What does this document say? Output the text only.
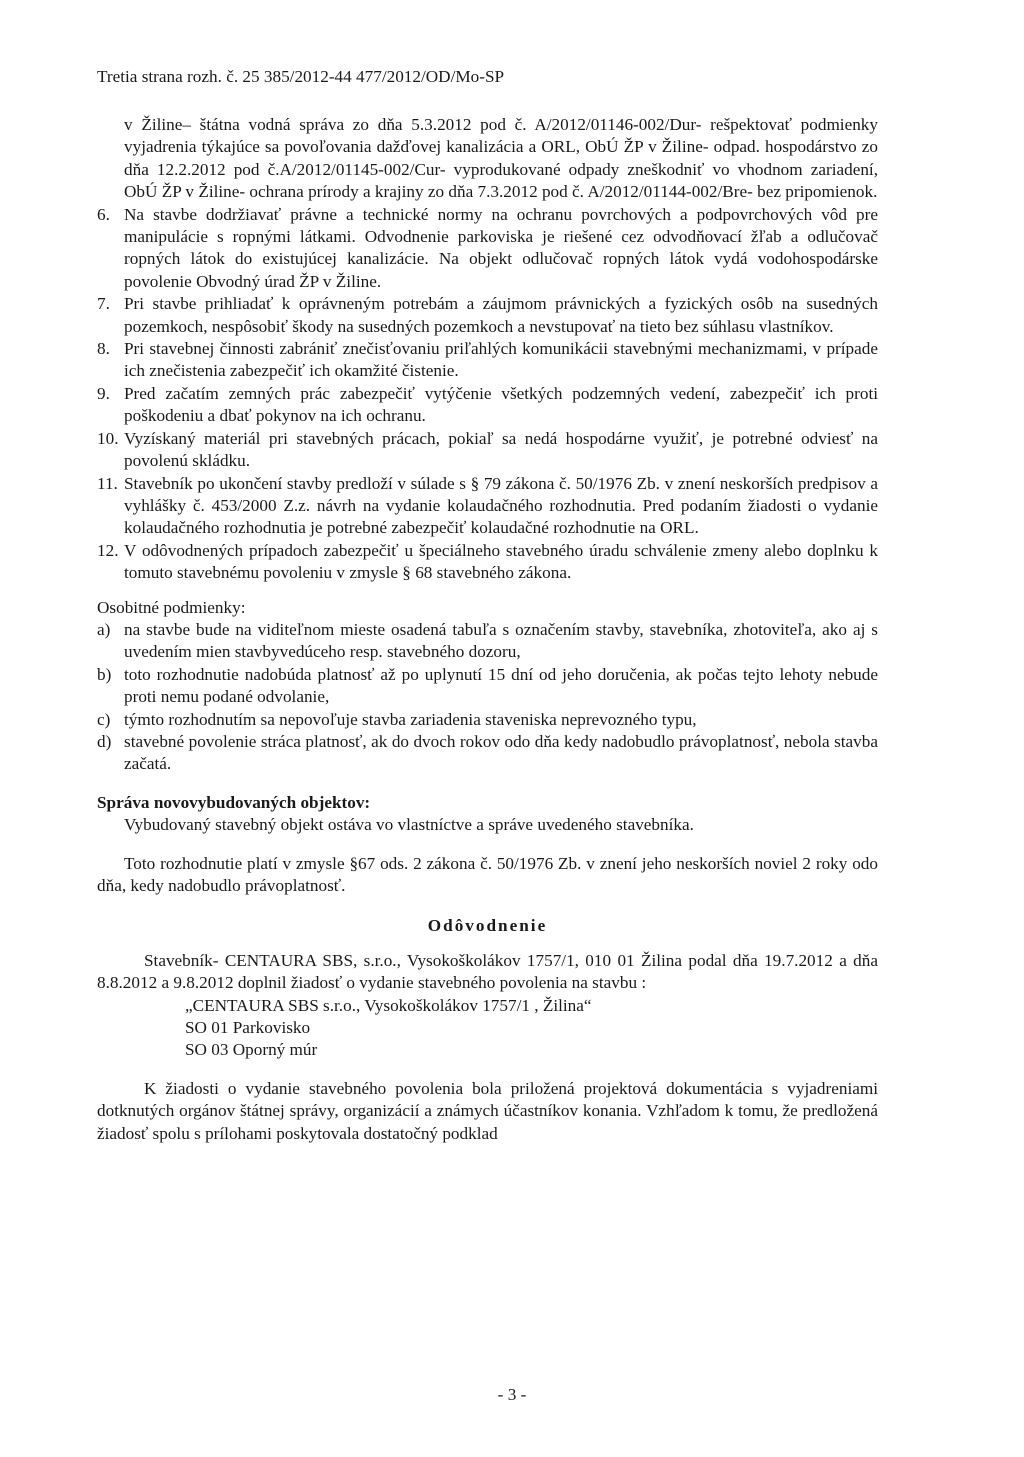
Tretia strana rozh. č. 25 385/2012-44 477/2012/OD/Mo-SP
v Žiline– štátna vodná správa zo dňa 5.3.2012 pod č. A/2012/01146-002/Dur- rešpektovať podmienky vyjadrenia týkajúce sa povoľovania dažďovej kanalizácia a ORL, ObÚ ŽP v Žiline- odpad. hospodárstvo zo dňa 12.2.2012 pod č.A/2012/01145-002/Cur- vyprodukované odpady zneškodniť vo vhodnom zariadení, ObÚ ŽP v Žiline- ochrana prírody a krajiny zo dňa 7.3.2012 pod č. A/2012/01144-002/Bre- bez pripomienok.
6. Na stavbe dodržiavať právne a technické normy na ochranu povrchových a podpovrchových vôd pre manipulácie s ropnými látkami. Odvodnenie parkoviska je riešené cez odvodňovací žľab a odlučovač ropných látok do existujúcej kanalizácie. Na objekt odlučovač ropných látok vydá vodohospodárske povolenie Obvodný úrad ŽP v Žiline.
7. Pri stavbe prihliadať k oprávneným potrebám a záujmom právnických a fyzických osôb na susedných pozemkoch, nespôsobiť škody na susedných pozemkoch a nevstupovať na tieto bez súhlasu vlastníkov.
8. Pri stavebnej činnosti zabrániť znečisťovaniu priľahlých komunikácii stavebnými mechanizmami, v prípade ich znečistenia zabezpečiť ich okamžité čistenie.
9. Pred začatím zemných prác zabezpečiť vytýčenie všetkých podzemných vedení, zabezpečiť ich proti poškodeniu a dbať pokynov na ich ochranu.
10. Vyzískaný materiál pri stavebných prácach, pokiaľ sa nedá hospodárne využiť, je potrebné odviesť na povolenú skládku.
11. Stavebník po ukončení stavby predloží v súlade s § 79 zákona č. 50/1976 Zb. v znení neskorších predpisov a vyhlášky č. 453/2000 Z.z. návrh na vydanie kolaudačného rozhodnutia. Pred podaním žiadosti o vydanie kolaudačného rozhodnutia je potrebné zabezpečiť kolaudačné rozhodnutie na ORL.
12. V odôvodnených prípadoch zabezpečiť u špeciálneho stavebného úradu schválenie zmeny alebo doplnku k tomuto stavebnému povoleniu v zmysle § 68 stavebného zákona.
Osobitné podmienky:
a) na stavbe bude na viditeľnom mieste osadená tabuľa s označením stavby, stavebníka, zhotoviteľa, ako aj s uvedením mien stavbyvedúceho resp. stavebného dozoru,
b) toto rozhodnutie nadobúda platnosť až po uplynutí 15 dní od jeho doručenia, ak počas tejto lehoty nebude proti nemu podané odvolanie,
c) týmto rozhodnutím sa nepovoľuje stavba zariadenia staveniska neprevozného typu,
d) stavebné povolenie stráca platnosť, ak do dvoch rokov odo dňa kedy nadobudlo právoplatnosť, nebola stavba začatá.
Správa novovybudovaných objektov:
Vybudovaný stavebný objekt ostáva vo vlastníctve a správe uvedeného stavebníka.
Toto rozhodnutie platí v zmysle §67 ods. 2 zákona č. 50/1976 Zb. v znení jeho neskorších noviel 2 roky odo dňa, kedy nadobudlo právoplatnosť.
Odôvodnenie
Stavebník- CENTAURA SBS, s.r.o., Vysokoškolákov 1757/1, 010 01 Žilina podal dňa 19.7.2012 a dňa 8.8.2012 a 9.8.2012 doplnil žiadosť o vydanie stavebného povolenia na stavbu :
„CENTAURA SBS s.r.o., Vysokoškolákov 1757/1 , Žilina“
SO 01 Parkovisko
SO 03 Oporný múr
K žiadosti o vydanie stavebného povolenia bola priložená projektová dokumentácia s vyjadreniami dotknutých orgánov štátnej správy, organizácií a známych účastníkov konania. Vzhľadom k tomu, že predložená žiadosť spolu s prílohami poskytovala dostatočný podklad
- 3 -
